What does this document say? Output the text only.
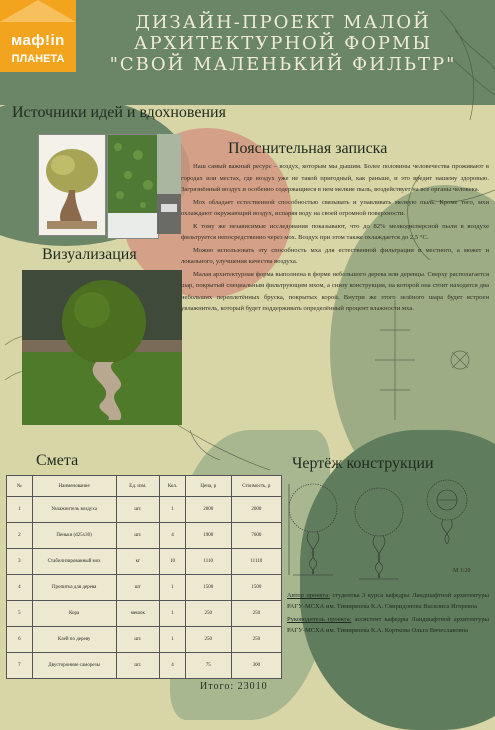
маф!in
ПЛАНЕТА
ДИЗАЙН-ПРОЕКТ МАЛОЙ
АРХИТЕКТУРНОЙ ФОРМЫ
"СВОЙ МАЛЕНЬКИЙ ФИЛЬТР"
Источники идей и вдохновения
Пояснительная записка
Визуализация
Смета	Чертёж конструкции

Наш самый важный ресурс – воздух, которым мы дышим. Более половины человечества проживают в городах или местах, где воздух уже не такой пригодный, как раньше, и это вредит нашему здоровью. Загрязнённый воздух и особенно содержащиеся в нем мелкие пыль, воздействует на все органы человека.

Мох обладает естественной способностью связывать и упавливать мелкую пыль. Кроме того, мхи охлаждают окружающий воздух, испаряя воду на своей огромной поверхности.

К тому же независимые исследования показывают, что до 82% мелкодисперсной пыли в воздухе фильтруется непосредственно через мох. Воздух при этом также охлаждается до 2,5 °С.

Можно использовать эту способность мха для естественной фильтрации и местного, а может и локального, улучшения качества воздуха.

Малая архитектурная форма выполнена в форме небольшого дерева или деревцы. Сверху располагается шар, покрытый специальным фильтрующим мхом, а снизу конструкция, на которой она стоит находятся два небольших переплетённых бруска, покрытых корой. Внутри же этого зелёного шара будет встроен увлажнитель, который будет поддерживать определённый процент влажности мха.

№	Наименование	Ед. изм.	Кол.	Цена, р	Стоимость, р
1	Увлажнитель воздуха	шт.	1	2000	2000
2	Пеньки (d25х30)	шт.	4	1900	7600
3	Стабилизированный мох	кг	10	1110	11110
4	Пропитка для дерева	шт	1	1500	1500
5	Кора	мешок	1	250	250
6	Клей по дереву	шт.	1	250	250
7	Двусторонние саморезы	шт.	4	75	300
Итого: 23010
М 1:20

Автор проекта: студентка 3 курса кафедры Ландшафтной архитектуры РАГУ-МСХА им. Тимирязева К.А. Свиридонова Василиса Игоревна

Руководитель проекта: ассистент кафедры Ландшафтной архитектуры РАГУ-МСХА им. Тимирязева К.А. Корткова Ольга Вячеславовна
